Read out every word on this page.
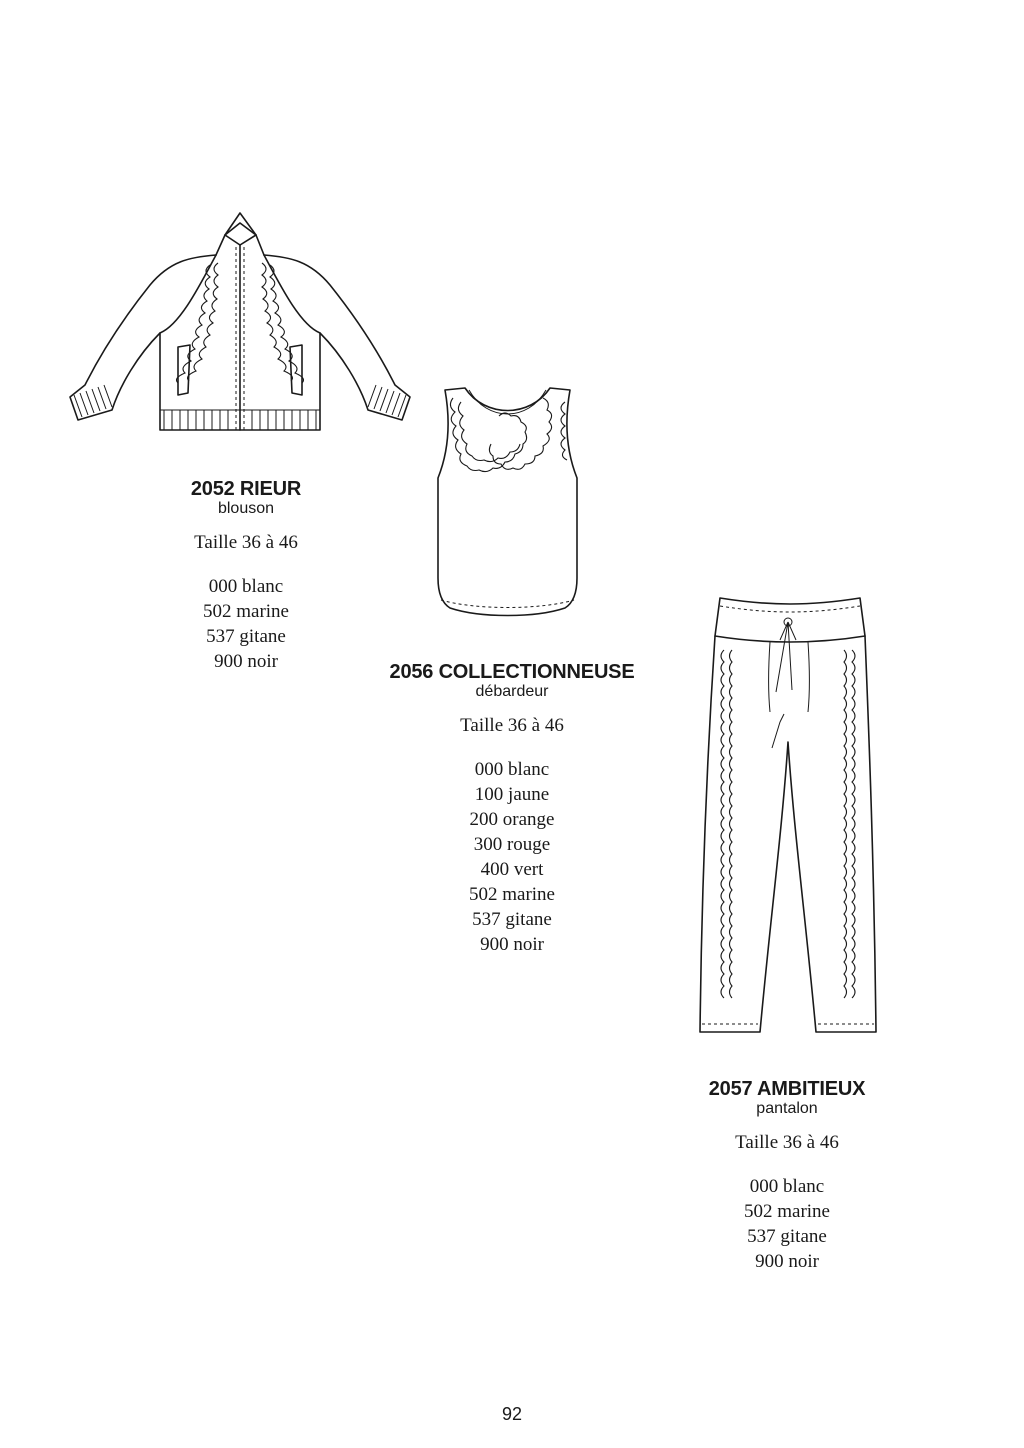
2052 RIEUR
blouson
Taille 36 à 46
000 blanc
502 marine
537 gitane
900 noir	2056 COLLECTIONNEUSE
débardeur
Taille 36 à 46
000 blanc
100 jaune
200 orange
300 rouge
400 vert
502 marine
537 gitane
900 noir
2057 AMBITIEUX
pantalon
Taille 36 à 46
000 blanc
502 marine
537 gitane
900 noir
92
